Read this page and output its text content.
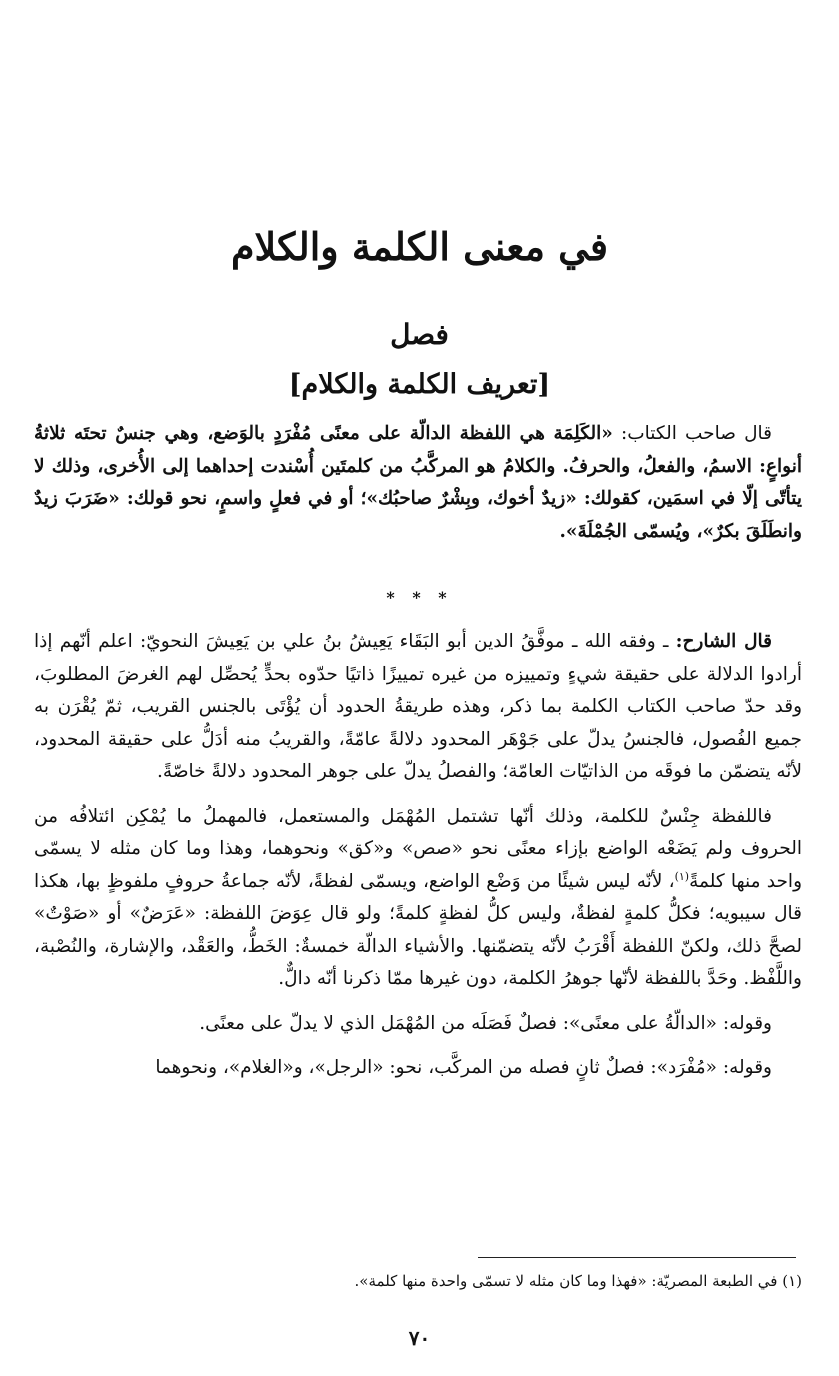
في معنى الكلمة والكلام
فصل
[تعريف الكلمة والكلام]

قال صاحب الكتاب: «الكَلِمَة هي اللفظة الدالّة على معنًى مُفْرَدٍ بالوَضع، وهي جنسٌ تحتَه ثلاثةُ أنواعٍ: الاسمُ، والفعلُ، والحرفُ. والكلامُ هو المركَّبُ من كلمتَين أُسْندت إحداهما إلى الأُخرى، وذلك لا يتأتّى إلّا في اسمَين، كقولك: «زيدٌ أخوك، وبِشْرٌ صاحبُك»؛ أو في فعلٍ واسمٍ، نحو قولك: «ضَرَبَ زيدٌ وانطَلَقَ بكرٌ»، ويُسمّى الجُمْلَةَ».

* * *

قال الشارح: ـ وفقه الله ـ موفَّقُ الدين أبو البَقَاء يَعِيشُ بنُ علي بن يَعِيشَ النحويّ: اعلم أنّهم إذا أرادوا الدلالة على حقيقة شيءٍ وتمييزه من غيره تمييزًا ذاتيًا حدّوه بحدٍّ يُحصِّل لهم الغرضَ المطلوبَ، وقد حدّ صاحب الكتاب الكلمة بما ذكر، وهذه طريقةُ الحدود أن يُؤْتَى بالجنس القريب، ثمّ يُقْرَن به جميع الفُصول، فالجنسُ يدلّ على جَوْهَر المحدود دلالةً عامّةً، والقريبُ منه أدَلُّ على حقيقة المحدود، لأنّه يتضمّن ما فوقَه من الذاتيّات العامّة؛ والفصلُ يدلّ على جوهر المحدود دلالةً خاصّةً.

فاللفظة جِنْسٌ للكلمة، وذلك أنّها تشتمل المُهْمَل والمستعمل، فالمهملُ ما يُمْكِن ائتلافُه من الحروف ولم يَضَعْه الواضع بإزاء معنًى نحو «صص» و«كق» ونحوهما، وهذا وما كان مثله لا يسمّى واحد منها كلمةً$^{(١)}$، لأنّه ليس شيئًا من وَضْع الواضع، ويسمّى لفظةً، لأنّه جماعةُ حروفٍ ملفوظٍ بها، هكذا قال سيبويه؛ فكلُّ كلمةٍ لفظةٌ، وليس كلُّ لفظةٍ كلمةً؛ ولو قال عِوَضَ اللفظة: «عَرَضٌ» أو «صَوْتٌ» لصحَّ ذلك، ولكنّ اللفظة أَقْرَبُ لأنّه يتضمّنها. والأشياء الدالّة خمسةٌ: الخَطُّ، والعَقْد، والإشارة، والنُصْبة، واللَّفْظ. وحَدَّ باللفظة لأنّها جوهرُ الكلمة، دون غيرها ممّا ذكرنا أنّه دالٌّ.

وقوله: «الدالّةُ على معنًى»: فصلٌ فَصَلَه من المُهْمَل الذي لا يدلّ على معنًى.

وقوله: «مُفْرَد»: فصلٌ ثانٍ فصله من المركَّب، نحو: «الرجل»، و«الغلام»، ونحوهما

(١) في الطبعة المصريّة: «فهذا وما كان مثله لا تسمّى واحدة منها كلمة».
٧٠
